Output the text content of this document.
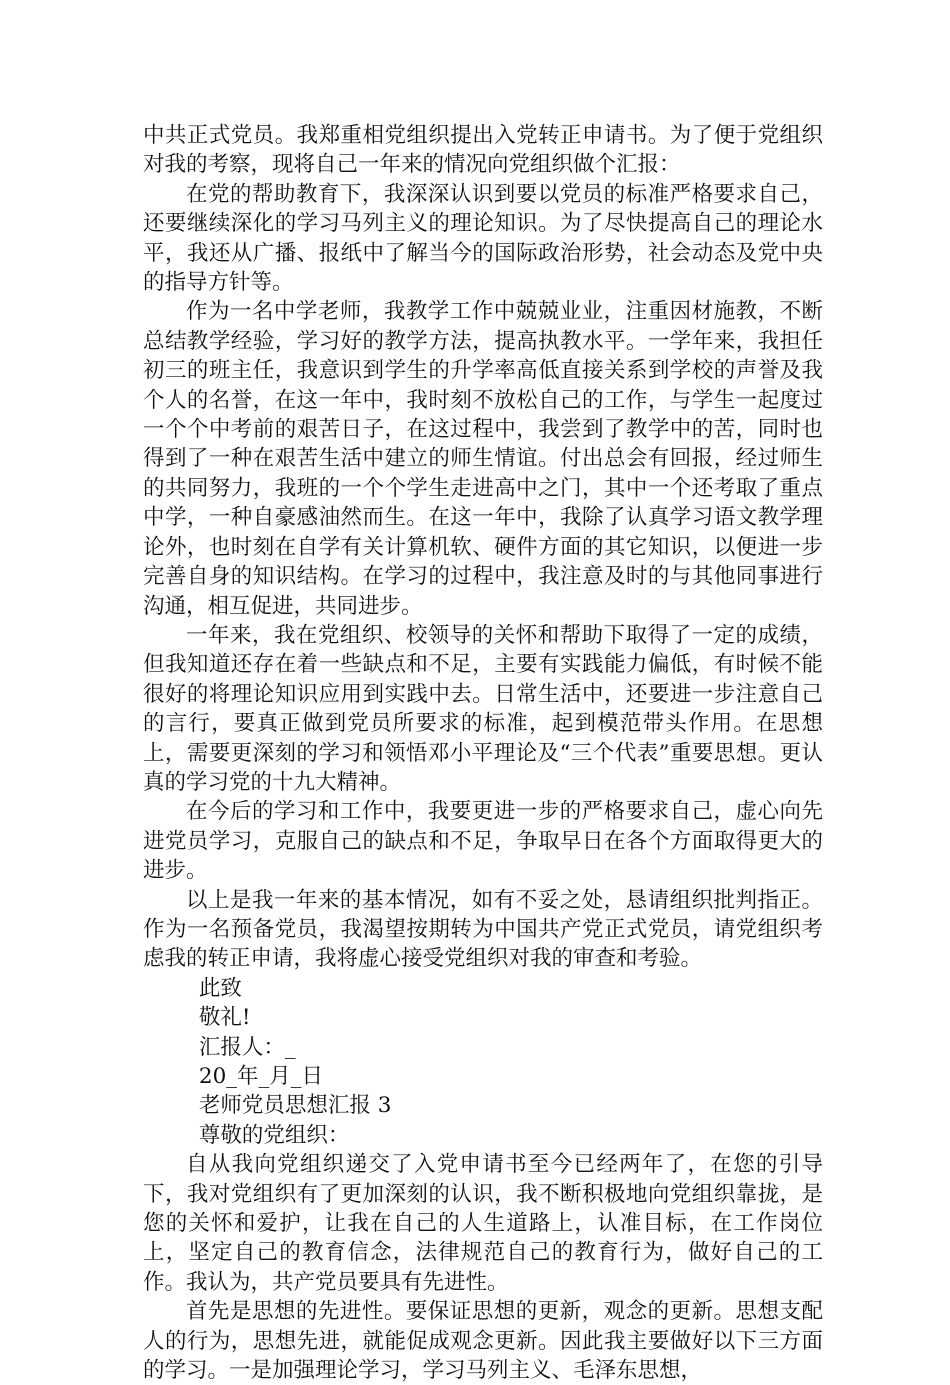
中共正式党员。我郑重相党组织提出入党转正申请书。为了便于党组织对我的考察，现将自己一年来的情况向党组织做个汇报：

在党的帮助教育下，我深深认识到要以党员的标准严格要求自己，还要继续深化的学习马列主义的理论知识。为了尽快提高自己的理论水平，我还从广播、报纸中了解当今的国际政治形势，社会动态及党中央的指导方针等。

作为一名中学老师，我教学工作中兢兢业业，注重因材施教，不断总结教学经验，学习好的教学方法，提高执教水平。一学年来，我担任初三的班主任，我意识到学生的升学率高低直接关系到学校的声誉及我个人的名誉，在这一年中，我时刻不放松自己的工作，与学生一起度过一个个中考前的艰苦日子，在这过程中，我尝到了教学中的苦，同时也得到了一种在艰苦生活中建立的师生情谊。付出总会有回报，经过师生的共同努力，我班的一个个学生走进高中之门，其中一个还考取了重点中学，一种自豪感油然而生。在这一年中，我除了认真学习语文教学理论外，也时刻在自学有关计算机软、硬件方面的其它知识，以便进一步完善自身的知识结构。在学习的过程中，我注意及时的与其他同事进行沟通，相互促进，共同进步。

一年来，我在党组织、校领导的关怀和帮助下取得了一定的成绩，但我知道还存在着一些缺点和不足，主要有实践能力偏低，有时候不能很好的将理论知识应用到实践中去。日常生活中，还要进一步注意自己的言行，要真正做到党员所要求的标准，起到模范带头作用。在思想上，需要更深刻的学习和领悟邓小平理论及“三个代表”重要思想。更认真的学习党的十九大精神。

在今后的学习和工作中，我要更进一步的严格要求自己，虚心向先进党员学习，克服自己的缺点和不足，争取早日在各个方面取得更大的进步。

以上是我一年来的基本情况，如有不妥之处，恳请组织批判指正。作为一名预备党员，我渴望按期转为中国共产党正式党员，请党组织考虑我的转正申请，我将虚心接受党组织对我的审查和考验。

此致

敬礼!

汇报人：_

20_年_月_日

老师党员思想汇报 3

尊敬的党组织：

自从我向党组织递交了入党申请书至今已经两年了，在您的引导下，我对党组织有了更加深刻的认识，我不断积极地向党组织靠拢，是您的关怀和爱护，让我在自己的人生道路上，认准目标，在工作岗位上，坚定自己的教育信念，法律规范自己的教育行为，做好自己的工作。我认为，共产党员要具有先进性。

首先是思想的先进性。要保证思想的更新，观念的更新。思想支配人的行为，思想先进，就能促成观念更新。因此我主要做好以下三方面的学习。一是加强理论学习，学习马列主义、毛泽东思想，
